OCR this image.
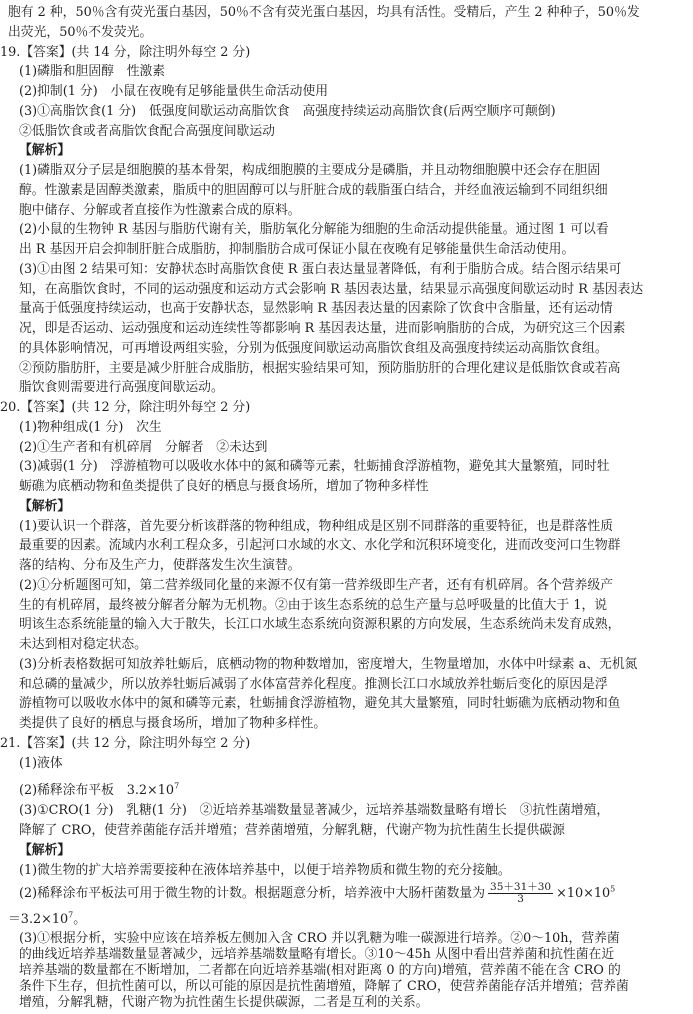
胞有 2 种，50％含有荧光蛋白基因，50％不含有荧光蛋白基因，均具有活性。受精后，产生 2 种种子，50％发
出荧光，50％不发荧光。
19.【答案】(共 14 分，除注明外每空 2 分)
(1)磷脂和胆固醇　性激素
(2)抑制(1 分)　小鼠在夜晚有足够能量供生命活动使用
(3)①高脂饮食(1 分)　低强度间歇运动高脂饮食　高强度持续运动高脂饮食(后两空顺序可颠倒)
②低脂饮食或者高脂饮食配合高强度间歇运动
【解析】
(1)磷脂双分子层是细胞膜的基本骨架，构成细胞膜的主要成分是磷脂，并且动物细胞膜中还会存在胆固
醇。性激素是固醇类激素，脂质中的胆固醇可以与肝脏合成的载脂蛋白结合，并经血液运输到不同组织细
胞中储存、分解或者直接作为性激素合成的原料。
(2)小鼠的生物钟 R 基因与脂肪代谢有关，脂肪氧化分解能为细胞的生命活动提供能量。通过图 1 可以看
出 R 基因开启会抑制肝脏合成脂肪，抑制脂肪合成可保证小鼠在夜晚有足够能量供生命活动使用。
(3)①由图 2 结果可知：安静状态时高脂饮食使 R 蛋白表达量显著降低，有利于脂肪合成。结合图示结果可
知，在高脂饮食时，不同的运动强度和运动方式会影响 R 基因表达量，结果显示高强度间歇运动时 R 基因表达
量高于低强度持续运动，也高于安静状态，显然影响 R 基因表达量的因素除了饮食中含脂量，还有运动情
况，即是否运动、运动强度和运动连续性等都影响 R 基因表达量，进而影响脂肪的合成，为研究这三个因素
的具体影响情况，可再增设两组实验，分别为低强度间歇运动高脂饮食组及高强度持续运动高脂饮食组。
②预防脂肪肝，主要是减少肝脏合成脂肪，根据实验结果可知，预防脂肪肝的合理化建议是低脂饮食或若高
脂饮食则需要进行高强度间歇运动。
20.【答案】(共 12 分，除注明外每空 2 分)
(1)物种组成(1 分)　次生
(2)①生产者和有机碎屑　分解者　②未达到
(3)减弱(1 分)　浮游植物可以吸收水体中的氮和磷等元素，牡蛎捕食浮游植物，避免其大量繁殖，同时牡
蛎礁为底栖动物和鱼类提供了良好的栖息与摄食场所，增加了物种多样性
【解析】
(1)要认识一个群落，首先要分析该群落的物种组成，物种组成是区别不同群落的重要特征，也是群落性质
最重要的因素。流域内水利工程众多，引起河口水域的水文、水化学和沉积环境变化，进而改变河口生物群
落的结构、分布及生产力，使群落发生次生演替。
(2)①分析题图可知，第二营养级同化量的来源不仅有第一营养级即生产者，还有有机碎屑。各个营养级产
生的有机碎屑，最终被分解者分解为无机物。②由于该生态系统的总生产量与总呼吸量的比值大于 1，说
明该生态系统能量的输入大于散失，长江口水域生态系统向资源积累的方向发展，生态系统尚未发育成熟，
未达到相对稳定状态。
(3)分析表格数据可知放养牡蛎后，底栖动物的物种数增加，密度增大，生物量增加，水体中叶绿素 a、无机氮
和总磷的量减少，所以放养牡蛎后减弱了水体富营养化程度。推测长江口水域放养牡蛎后变化的原因是浮
游植物可以吸收水体中的氮和磷等元素，牡蛎捕食浮游植物，避免其大量繁殖，同时牡蛎礁为底栖动物和鱼
类提供了良好的栖息与摄食场所，增加了物种多样性。
21.【答案】(共 12 分，除注明外每空 2 分)
(1)液体
(2)稀释涂布平板　$3.2\times 10^7$
(3)①CRO(1 分)　乳糖(1 分)　②近培养基端数量显著减少，远培养基端数量略有增长　③抗性菌增殖，
降解了 CRO，使营养菌能存活并增殖；营养菌增殖，分解乳糖，代谢产物为抗性菌生长提供碳源
【解析】
(1)微生物的扩大培养需要接种在液体培养基中，以便于培养物质和微生物的充分接触。
(2)稀释涂布平板法可用于微生物的计数。根据题意分析，培养液中大肠杆菌数量为 $\frac{35+31+30}{3} \times 10\times 10^5$
$=3.2\times 10^7$。
(3)①根据分析，实验中应该在培养板左侧加入含 CRO 并以乳糖为唯一碳源进行培养。②0～10h，营养菌
的曲线近培养基端数量显著减少，远培养基端数量略有增长。③10～45h 从图中看出营养菌和抗性菌在近
培养基端的数量都在不断增加，二者都在向近培养基端(相对距离 0 的方向)增殖，营养菌不能在含 CRO 的
条件下生存，但抗性菌可以，所以可能的原因是抗性菌增殖，降解了 CRO，使营养菌能存活并增殖；营养菌
增殖，分解乳糖，代谢产物为抗性菌生长提供碳源，二者是互利的关系。
